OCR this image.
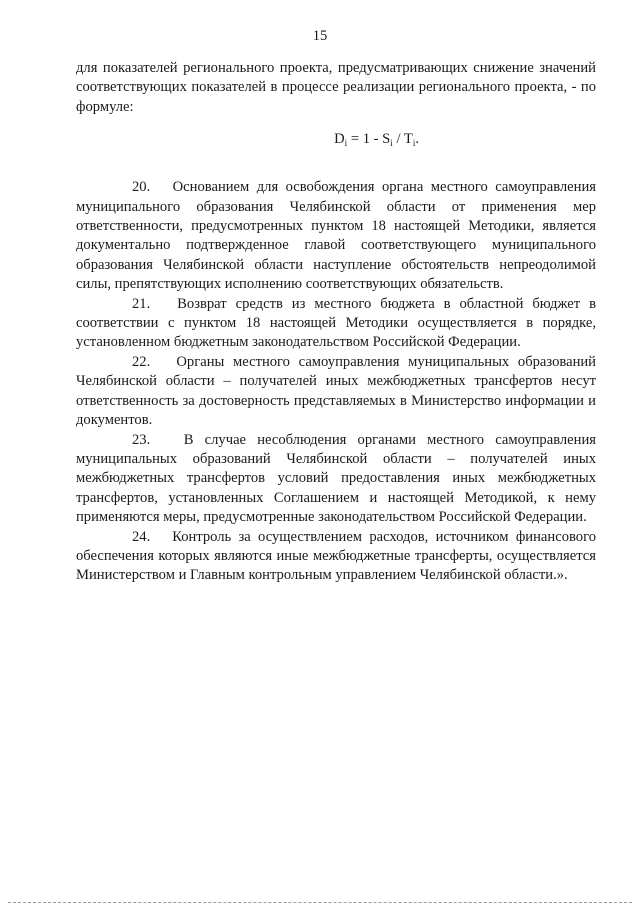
15

для показателей регионального проекта, предусматривающих снижение значений соответствующих показателей в процессе реализации регионального проекта, - по формуле:

$D_i = 1 - S_i / T_i$.

20. Основанием для освобождения органа местного самоуправления муниципального образования Челябинской области от применения мер ответственности, предусмотренных пунктом 18 настоящей Методики, является документально подтвержденное главой соответствующего муниципального образования Челябинской области наступление обстоятельств непреодолимой силы, препятствующих исполнению соответствующих обязательств.

21. Возврат средств из местного бюджета в областной бюджет в соответствии с пунктом 18 настоящей Методики осуществляется в порядке, установленном бюджетным законодательством Российской Федерации.

22. Органы местного самоуправления муниципальных образований Челябинской области – получателей иных межбюджетных трансфертов несут ответственность за достоверность представляемых в Министерство информации и документов.

23. В случае несоблюдения органами местного самоуправления муниципальных образований Челябинской области – получателей иных межбюджетных трансфертов условий предоставления иных межбюджетных трансфертов, установленных Соглашением и настоящей Методикой, к нему применяются меры, предусмотренные законодательством Российской Федерации.

24. Контроль за осуществлением расходов, источником финансового обеспечения которых являются иные межбюджетные трансферты, осуществляется Министерством и Главным контрольным управлением Челябинской области.».
